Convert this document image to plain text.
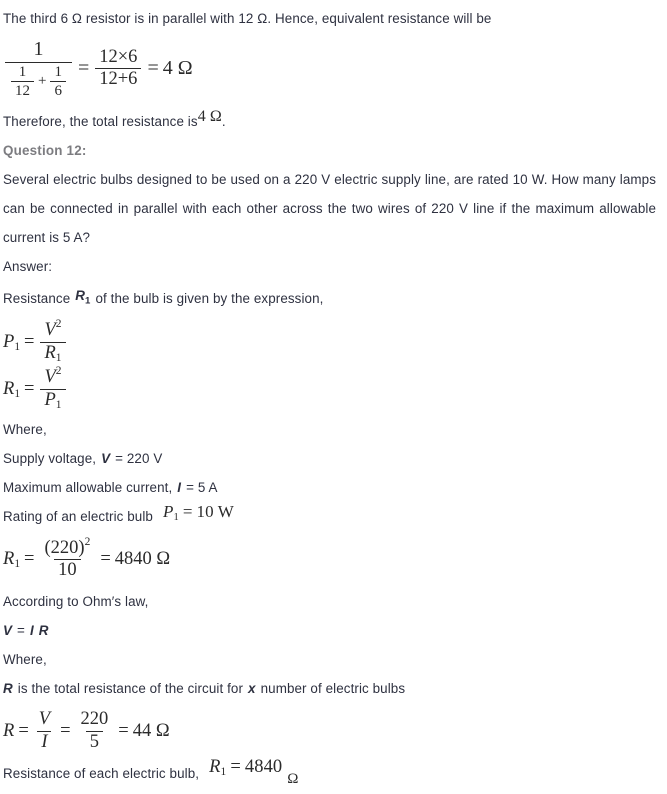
The third 6 Ω resistor is in parallel with 12 Ω. Hence, equivalent resistance will be

1
$\frac{1}{12} + \frac{1}{6} = \frac{12\times 6}{12+6} = 4$ Ω
Therefore, the total resistance is 4 Ω .

Question 12:

Several electric bulbs designed to be used on a 220 V electric supply line, are rated 10 W. How many lamps can be connected in parallel with each other across the two wires of 220 V line if the maximum allowable current is 5 A?

Answer:

Resistance $R_1$ of the bulb is given by the expression,
$P_1 = \frac{V^2}{R_1}$
$R_1 = \frac{V^2}{P_1}$

Where,

Supply voltage, V = 220 V
Maximum allowable current, I = 5 A
Rating of an electric bulb $P_1 = 10$ W
$R_1 = \frac{(220)^2}{10} = 4840$ Ω

According to Ohm′s law,

V = I R

Where,

R is the total resistance of the circuit for x number of electric bulbs
$R = \frac{V}{I} = \frac{220}{5} = 44$ Ω
Resistance of each electric bulb, $R_1 = 4840$
Ω
